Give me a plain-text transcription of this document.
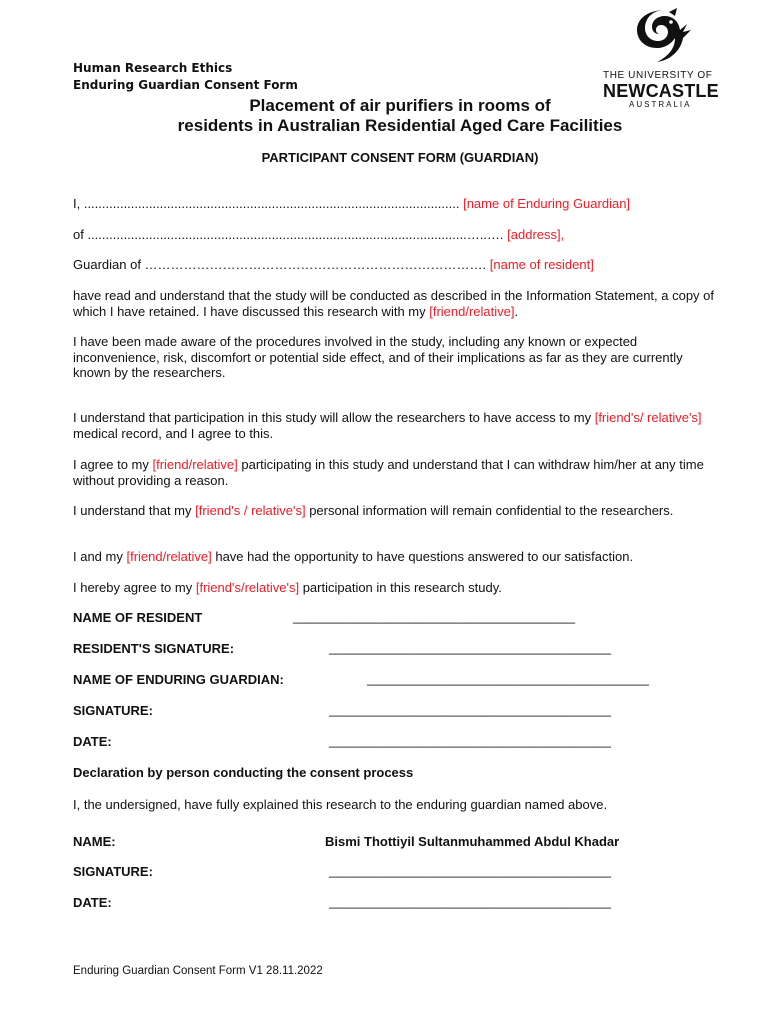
Human Research Ethics
Enduring Guardian Consent Form
THE UNIVERSITY OF
NEWCASTLE
AUSTRALIA
Placement of air purifiers in rooms of
residents in Australian Residential Aged Care Facilities
PARTICIPANT CONSENT FORM (GUARDIAN)
I, ........................................................................................................ [name of Enduring Guardian]
of .........................................................................................................…..…. [address],
Guardian of ……………………………………………………………………. [name of resident]
have read and understand that the study will be conducted as described in the Information Statement, a copy of which I have retained. I have discussed this research with my [friend/relative].
I have been made aware of the procedures involved in the study, including any known or expected inconvenience, risk, discomfort or potential side effect, and of their implications as far as they are currently known by the researchers.
I understand that participation in this study will allow the researchers to have access to my [friend's/ relative's] medical record, and I agree to this.
I agree to my [friend/relative] participating in this study and understand that I can withdraw him/her at any time without providing a reason.
I understand that my [friend's / relative's] personal information will remain confidential to the researchers.
I and my [friend/relative] have had the opportunity to have questions answered to our satisfaction.
I hereby agree to my [friend's/relative's] participation in this research study.
NAME OF RESIDENT	_______________________________________
RESIDENT'S SIGNATURE:	_______________________________________
NAME OF ENDURING GUARDIAN:	_______________________________________
SIGNATURE:	_______________________________________
DATE:	_______________________________________
Declaration by person conducting the consent process
I, the undersigned, have fully explained this research to the enduring guardian named above.
NAME:	Bismi Thottiyil Sultanmuhammed Abdul Khadar
SIGNATURE:	_______________________________________
DATE:	_______________________________________
Enduring Guardian Consent Form V1 28.11.2022
